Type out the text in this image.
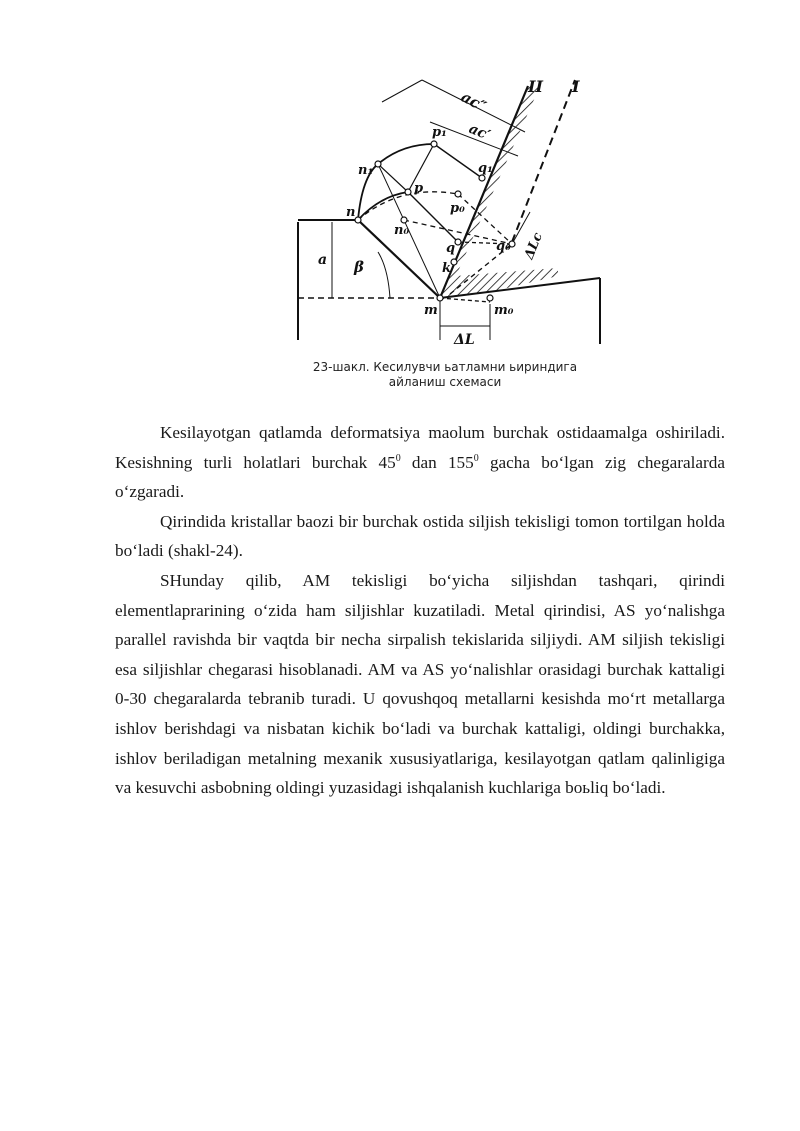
aс″
aс′
II I
n₁
p₁
q₁
n
p
p₀
n₀
q	q₀
k
ΔLc
a β
m	m₀
ΔL
23-шакл. Кесилувчи ьатламни ьириндига
айланиш схемаси

Kesilayotgan qatlamda deformatsiya maolum burchak ostidaamalga oshiriladi. Kesishning turli holatlari burchak $45^0$ dan $155^0$ gacha boʻlgan zig chegaralarda oʻzgaradi.

Qirindida kristallar baozi bir burchak ostida siljish tekisligi tomon tortilgan holda boʻladi (shakl-24).

SHunday qilib, AM tekisligi boʻyicha siljishdan tashqari, qirindi elementlaprarining oʻzida ham siljishlar kuzatiladi. Metal qirindisi, AS yoʻnalishga parallel ravishda bir vaqtda bir necha sirpalish tekislarida siljiydi. AM siljish tekisligi esa siljishlar chegarasi hisoblanadi. AM va AS yoʻnalishlar orasidagi burchak kattaligi 0-30 chegaralarda tebranib turadi. U qovushqoq metallarni kesishda moʻrt metallarga ishlov berishdagi va nisbatan kichik boʻladi va burchak kattaligi, oldingi burchakka, ishlov beriladigan metalning mexanik xususiyatlariga, kesilayotgan qatlam qalinligiga va kesuvchi asbobning oldingi yuzasidagi ishqalanish kuchlariga boьliq boʻladi.
